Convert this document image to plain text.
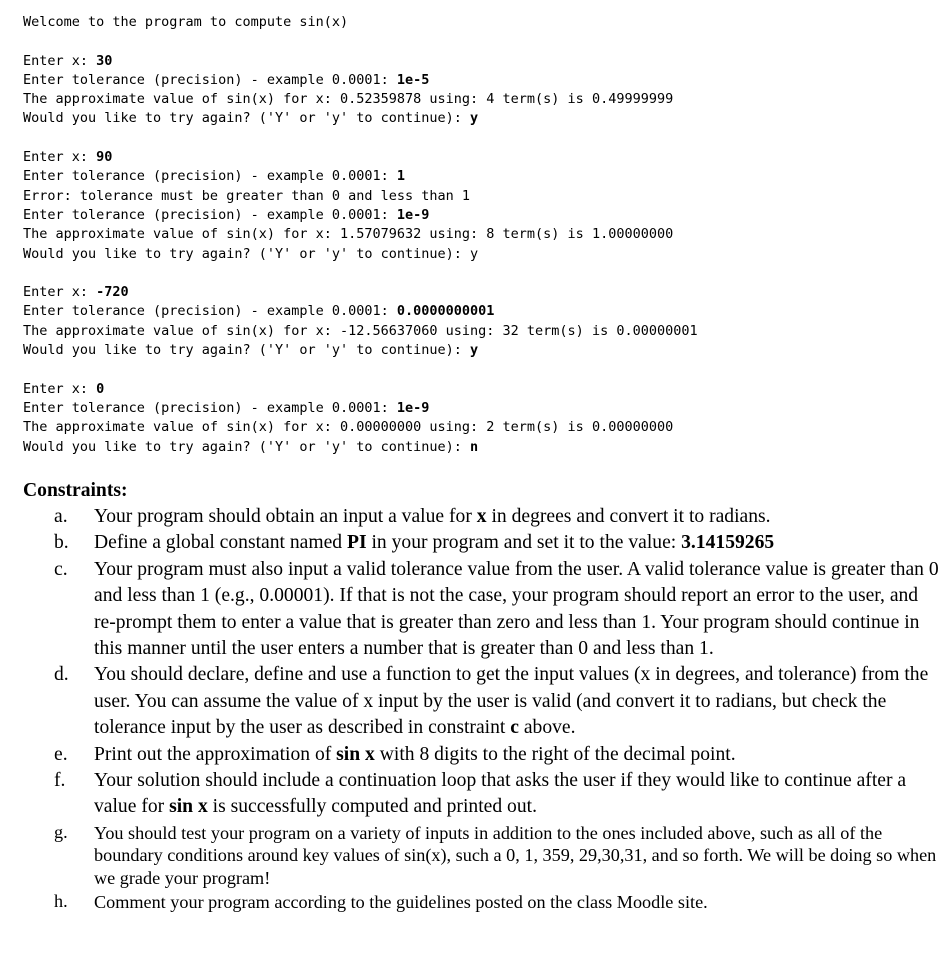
Welcome to the program to compute sin(x)
Enter x: 30
Enter tolerance (precision) - example 0.0001: 1e-5
The approximate value of sin(x) for x: 0.52359878 using: 4 term(s) is 0.49999999
Would you like to try again? ('Y' or 'y' to continue): y
Enter x: 90
Enter tolerance (precision) - example 0.0001: 1
Error: tolerance must be greater than 0 and less than 1
Enter tolerance (precision) - example 0.0001: 1e-9
The approximate value of sin(x) for x: 1.57079632 using: 8 term(s) is 1.00000000
Would you like to try again? ('Y' or 'y' to continue): y
Enter x: -720
Enter tolerance (precision) - example 0.0001: 0.0000000001
The approximate value of sin(x) for x: -12.56637060 using: 32 term(s) is 0.00000001
Would you like to try again? ('Y' or 'y' to continue): y
Enter x: 0
Enter tolerance (precision) - example 0.0001: 1e-9
The approximate value of sin(x) for x: 0.00000000 using: 2 term(s) is 0.00000000
Would you like to try again? ('Y' or 'y' to continue): n
Constraints:
a.	Your program should obtain an input a value for x in degrees and convert it to radians.
b.	Define a global constant named PI in your program and set it to the value: 3.14159265
c.	Your program must also input a valid tolerance value from the user. A valid tolerance value is greater than 0 and less than 1 (e.g., 0.00001). If that is not the case, your program should report an error to the user, and re-prompt them to enter a value that is greater than zero and less than 1. Your program should continue in this manner until the user enters a number that is greater than 0 and less than 1.
d.	You should declare, define and use a function to get the input values (x in degrees, and tolerance) from the user. You can assume the value of x input by the user is valid (and convert it to radians, but check the tolerance input by the user as described in constraint c above.
e.	Print out the approximation of sin x with 8 digits to the right of the decimal point.
f.	Your solution should include a continuation loop that asks the user if they would like to continue after a value for sin x is successfully computed and printed out.
g.	You should test your program on a variety of inputs in addition to the ones included above, such as all of the boundary conditions around key values of sin(x), such a 0, 1, 359, 29,30,31, and so forth. We will be doing so when we grade your program!
h.	Comment your program according to the guidelines posted on the class Moodle site.
